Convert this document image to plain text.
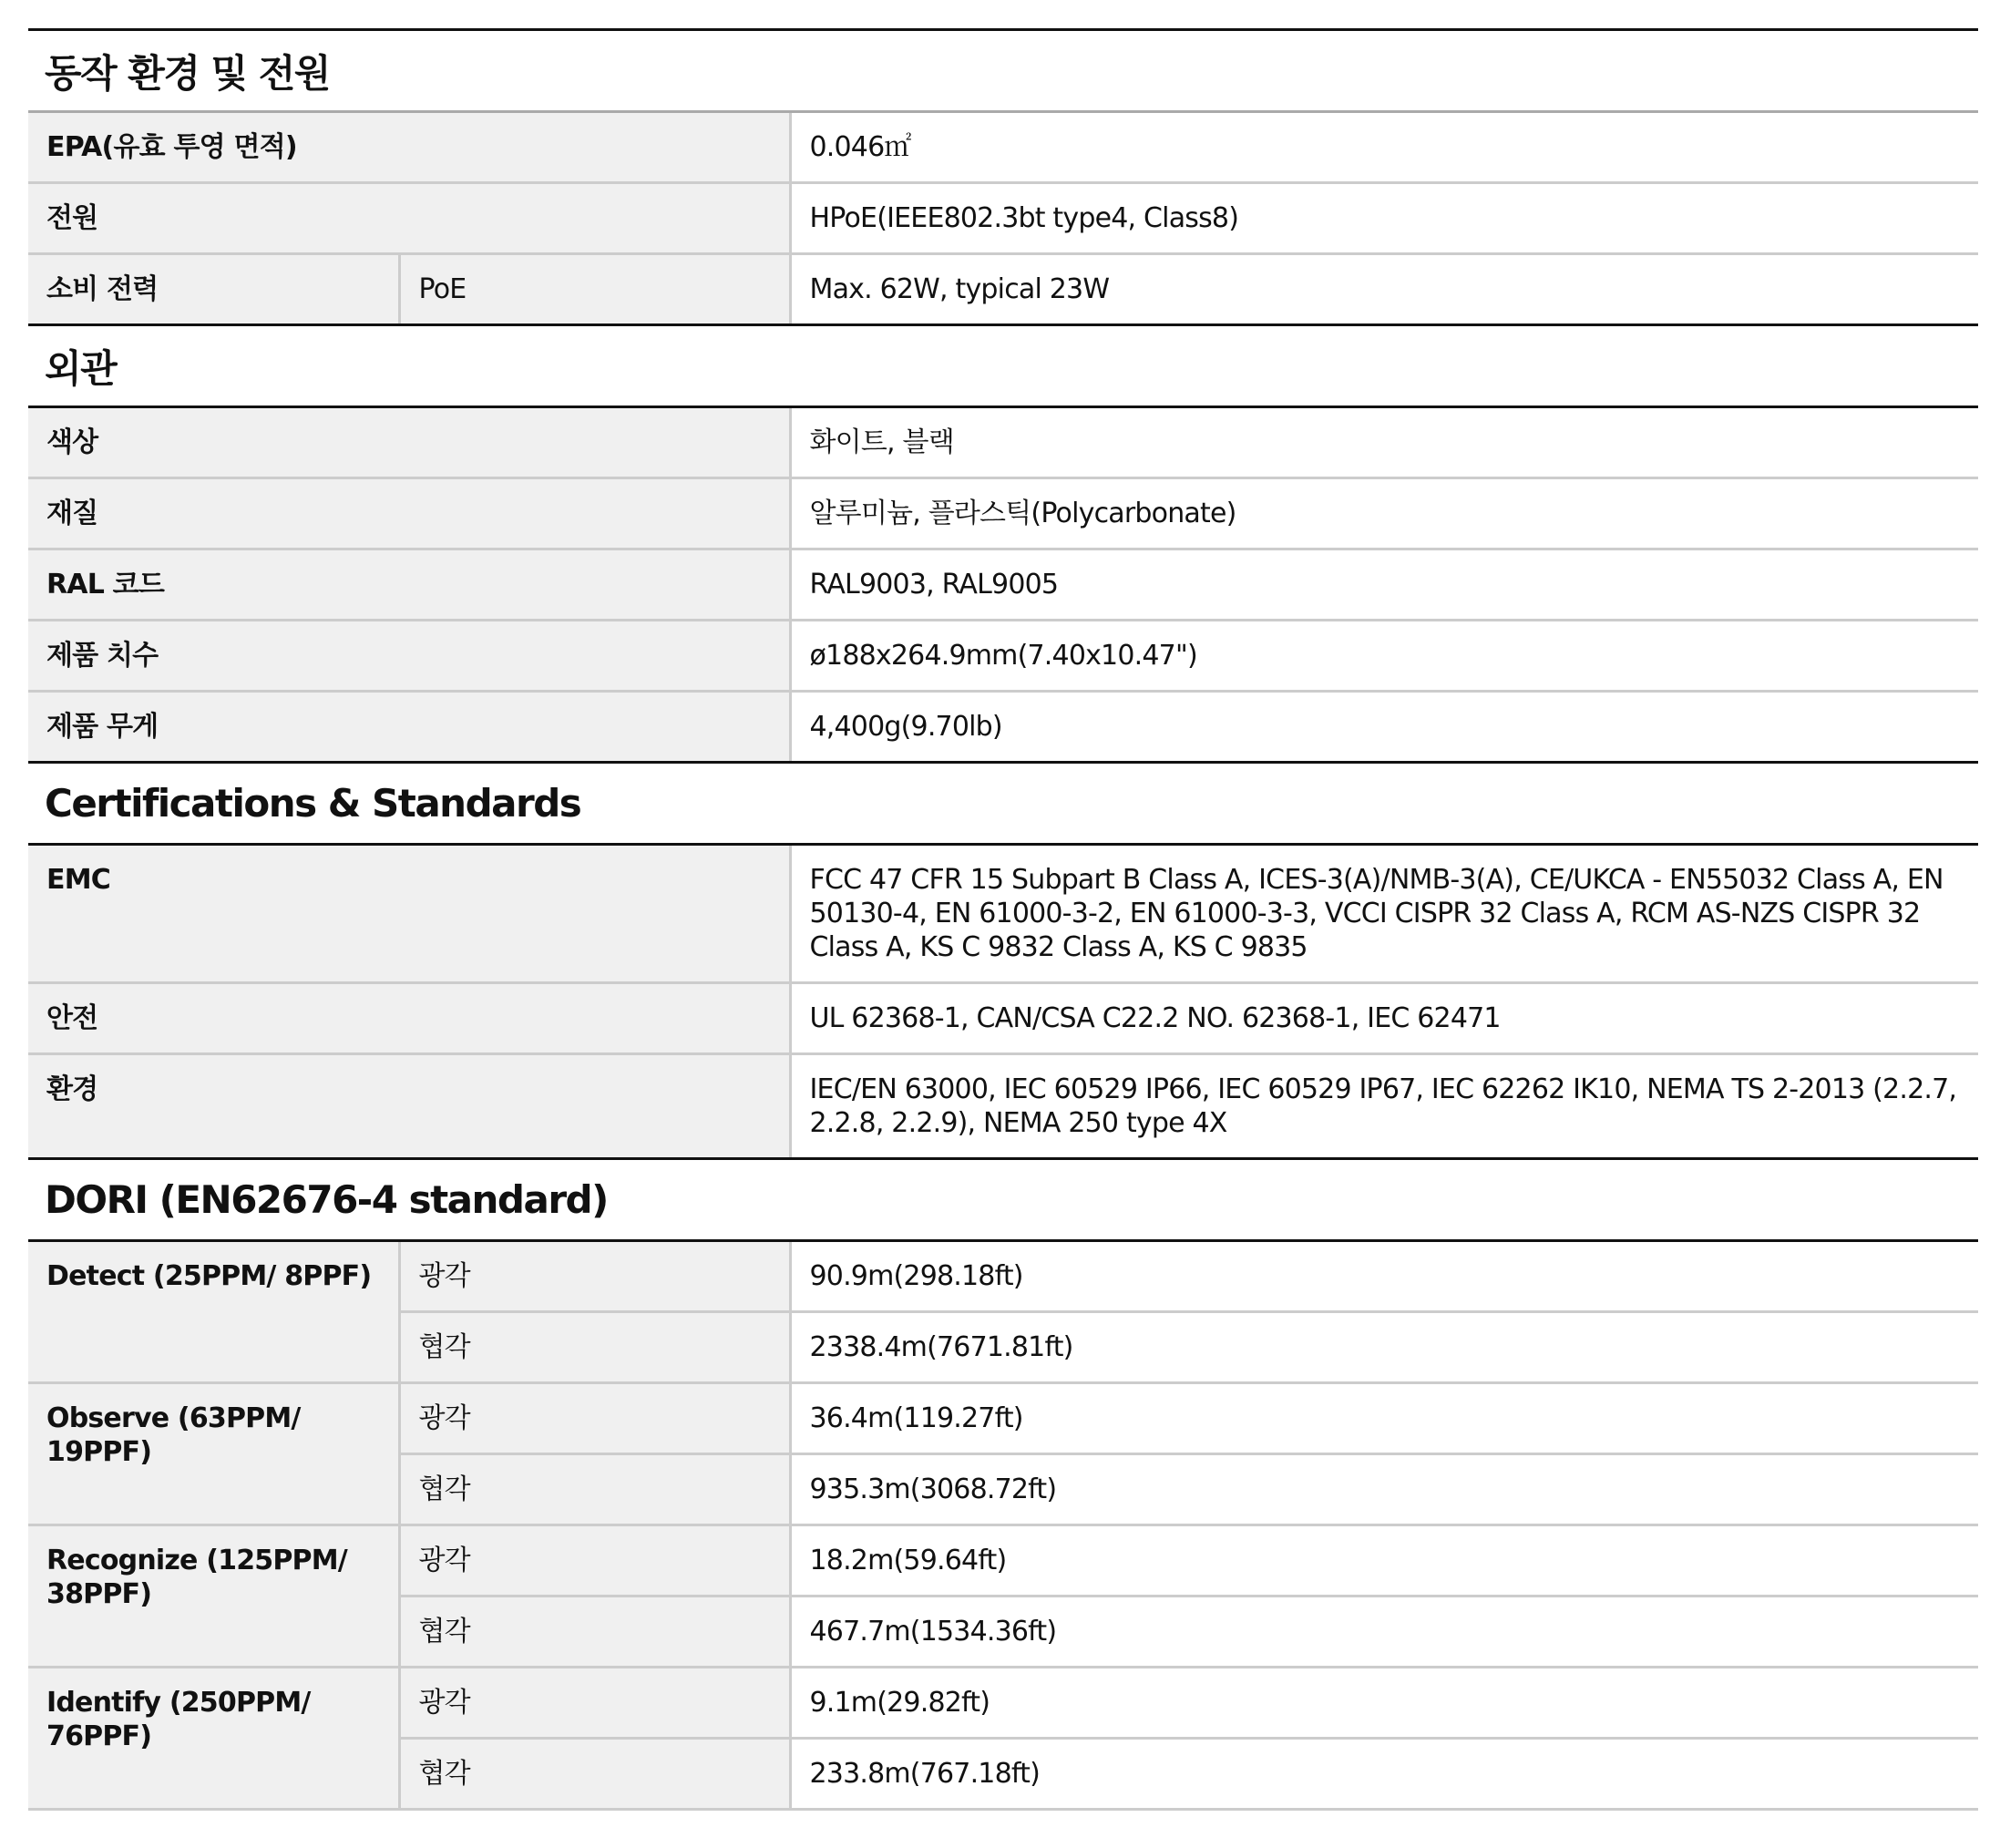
동작 환경 및 전원
EPA(유효 투영 면적)		0.046㎡
전원		HPoE(IEEE802.3bt type4, Class8)
소비 전력	PoE	Max. 62W, typical 23W
외관
색상	화이트, 블랙
재질	알루미늄, 플라스틱(Polycarbonate)
RAL 코드	RAL9003, RAL9005
제품 치수	ø188x264.9mm(7.40x10.47")
제품 무게	4,400g(9.70lb)
Certifications & Standards
EMC	FCC 47 CFR 15 Subpart B Class A, ICES-3(A)/NMB-3(A), CE/UKCA - EN55032 Class A, EN 50130-4, EN 61000-3-2, EN 61000-3-3, VCCI CISPR 32 Class A, RCM AS-NZS CISPR 32 Class A, KS C 9832 Class A, KS C 9835
안전	UL 62368-1, CAN/CSA C22.2 NO. 62368-1, IEC 62471
환경	IEC/EN 63000, IEC 60529 IP66, IEC 60529 IP67, IEC 62262 IK10, NEMA TS 2-2013 (2.2.7, 2.2.8, 2.2.9), NEMA 250 type 4X
DORI (EN62676-4 standard)
Detect (25PPM/ 8PPF)	광각	90.9m(298.18ft)
	협각	2338.4m(7671.81ft)
Observe (63PPM/ 19PPF)	광각	36.4m(119.27ft)
	협각	935.3m(3068.72ft)
Recognize (125PPM/ 38PPF)	광각	18.2m(59.64ft)
	협각	467.7m(1534.36ft)
Identify (250PPM/ 76PPF)	광각	9.1m(29.82ft)
	협각	233.8m(767.18ft)
